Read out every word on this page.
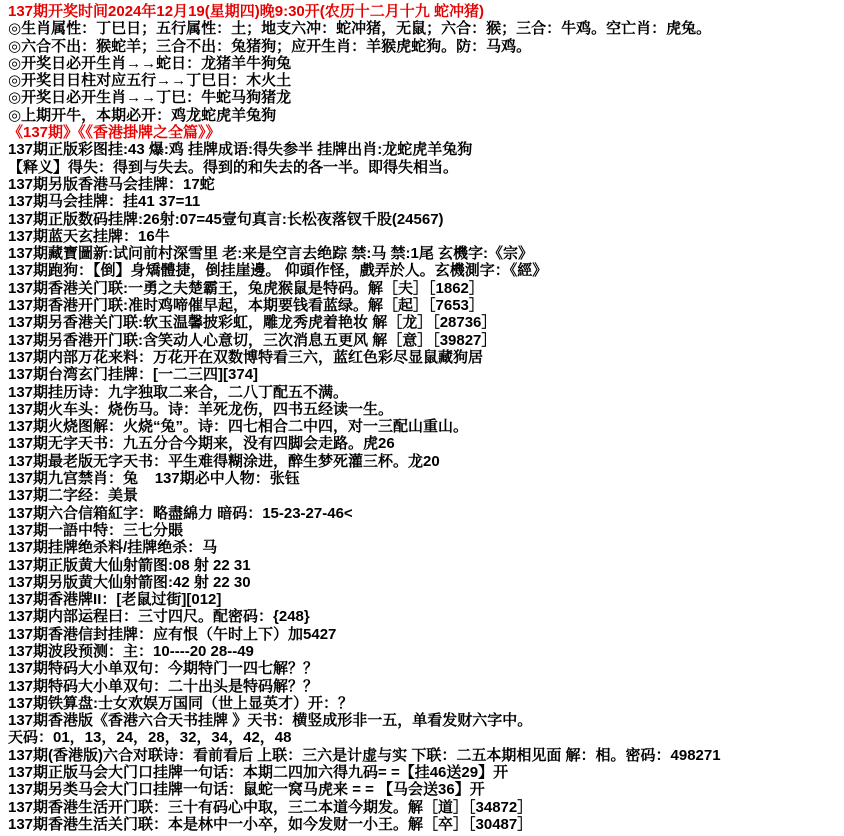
137期开奖时间2024年12月19(星期四)晚9:30开(农历十二月十九 蛇冲猪)
◎生肖属性：丁巳日；五行属性：土；地支六冲：蛇冲猪，无鼠；六合：猴；三合：牛鸡。空亡肖：虎兔。
◎六合不出：猴蛇羊；三合不出：兔猪狗；应开生肖：羊猴虎蛇狗。防：马鸡。
◎开奖日必开生肖→→蛇日：龙猪羊牛狗兔
◎开奖日日柱对应五行→→丁巳日：木火土
◎开奖日必开生肖→→丁巳：牛蛇马狗猪龙
◎上期开牛，本期必开：鸡龙蛇虎羊兔狗
《137期》《《香港掛牌之全篇》》
137期正版彩图挂:43 爆:鸡 挂牌成语:得失参半 挂牌出肖:龙蛇虎羊兔狗
【释义】得失：得到与失去。得到的和失去的各一半。即得失相当。
137期另版香港马会挂牌：17蛇
137期马会挂牌：挂41 37=11
137期正版数码挂牌:26射:07=45壹句真言:长松夜落钗千股(24567)
137期蓝天玄挂牌：16牛
137期藏寶圖新:试问前村深雪里 老:来是空言去绝踪 禁:马 禁:1尾 玄機字:《宗》
137期跑狗：【倒】身矯體捷，倒挂崖邊。 仰頭作怪，戲弄於人。玄機測字：《經》
137期香港关门联:一勇之夫楚霸王，兔虎猴鼠是特码。解［夫］［1862］
137期香港开门联:准时鸡啼催早起，本期要钱看蓝绿。解［起］［7653］
137期另香港关门联:软玉温馨披彩虹，雕龙秀虎着艳妆 解［龙］［28736］
137期另香港开门联:含笑动人心意切，三次消息五更风 解［意］［39827］
137期内部万花来料：万花开在双数博特看三六，蓝红色彩尽显鼠藏狗居
137期台湾玄门挂牌：[一二三四][374]
137期挂历诗：九字独取二来合，二八丁配五不满。
137期火车头：烧伤马。诗：羊死龙伤，四书五经读一生。
137期火烧图解：火烧“兔”。诗：四七相合二中四，对一三配山重山。
137期无字天书：九五分合今期来，没有四脚会走路。虎26
137期最老版无字天书：平生难得糊涂进，醉生梦死灌三杯。龙20
137期九宫禁肖：兔    137期必中人物：张钰
137期二字经：美景
137期六合信箱紅字：略盡綿力 暗码：15-23-27-46<
137期一語中特：三七分賬
137期挂牌绝杀料/挂牌绝杀：马
137期正版黄大仙射箭图:08 射 22 31
137期另版黄大仙射箭图:42 射 22 30
137期香港牌II：[老鼠过街][012]
137期内部运程曰：三寸四尺。配密码：{248}
137期香港信封挂牌：应有恨（午时上下）加5427
137期波段预测：主：10----20 28--49
137期特码大小单双句：今期特门一四七解？？
137期特码大小单双句：二十出头是特码解？？
137期铁算盘:士女欢娱万国同（世上显英才）开：？
137期香港版《香港六合天书挂牌 》天书：横竖成形非一五，单看发财六字中。
天码：01，13，24，28，32，34，42，48
137期(香港版)六合对联诗：看前看后 上联：三六是计虚与实 下联：二五本期相见面 解：相。密码：498271
137期正版马会大门口挂牌一句话：本期二四加六得九码= =【挂46送29】开
137期另类马会大门口挂牌一句话：鼠蛇一窝马虎来 = = 【马会送36】开
137期香港生活开门联：三十有码心中取，三二本道今期发。解［道］［34872］
137期香港生活关门联：本是林中一小卒，如今发财一小王。解［卒］［30487］
